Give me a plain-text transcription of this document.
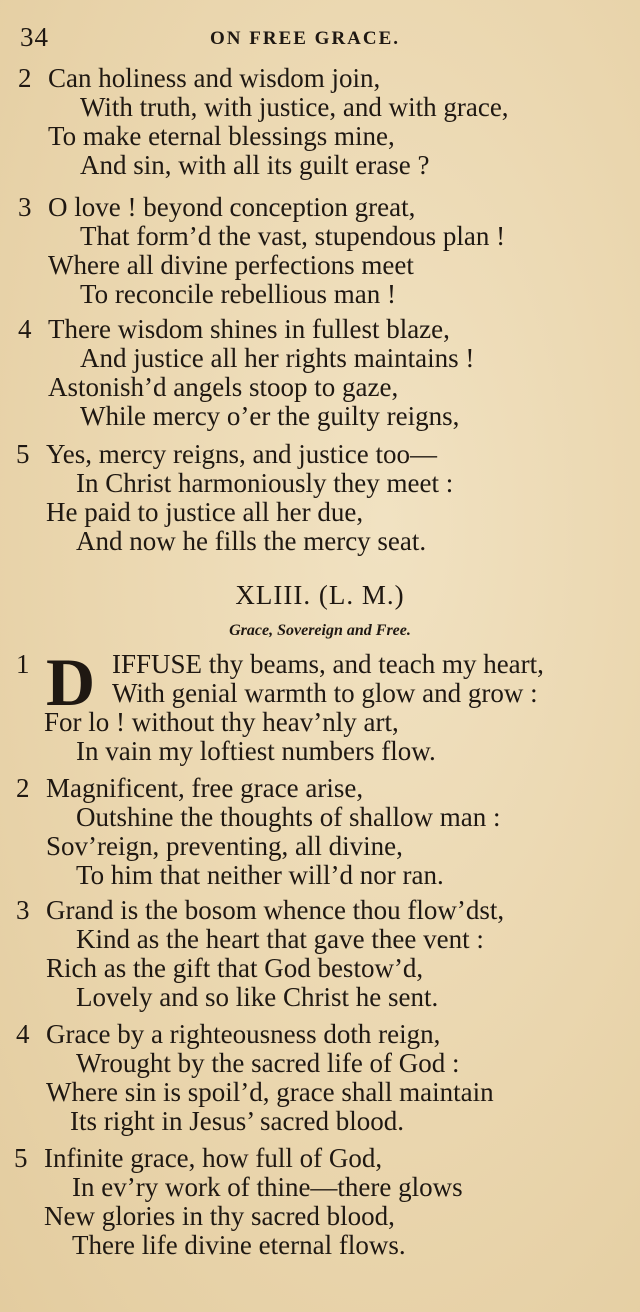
34	ON FREE GRACE.
2 Can holiness and wisdom join,
With truth, with justice, and with grace,
To make eternal blessings mine,
And sin, with all its guilt erase ?
3 O love ! beyond conception great,
That form’d the vast, stupendous plan !
Where all divine perfections meet
To reconcile rebellious man !
4 There wisdom shines in fullest blaze,
And justice all her rights maintains !
Astonish’d angels stoop to gaze,
While mercy o’er the guilty reigns,
5 Yes, mercy reigns, and justice too—
In Christ harmoniously they meet :
He paid to justice all her due,
And now he fills the mercy seat.
XLIII. (L. M.)
Grace, Sovereign and Free.
1	IFFUSE thy beams, and teach my heart,
With genial warmth to glow and grow :
For lo ! without thy heav’nly art,
In vain my loftiest numbers flow.
D
2 Magnificent, free grace arise,
Outshine the thoughts of shallow man :
Sov’reign, preventing, all divine,
To him that neither will’d nor ran.
3 Grand is the bosom whence thou flow’dst,
Kind as the heart that gave thee vent :
Rich as the gift that God bestow’d,
Lovely and so like Christ he sent.
4 Grace by a righteousness doth reign,
Wrought by the sacred life of God :
Where sin is spoil’d, grace shall maintain
Its right in Jesus’ sacred blood.
5 Infinite grace, how full of God,
In ev’ry work of thine—there glows
New glories in thy sacred blood,
There life divine eternal flows.
